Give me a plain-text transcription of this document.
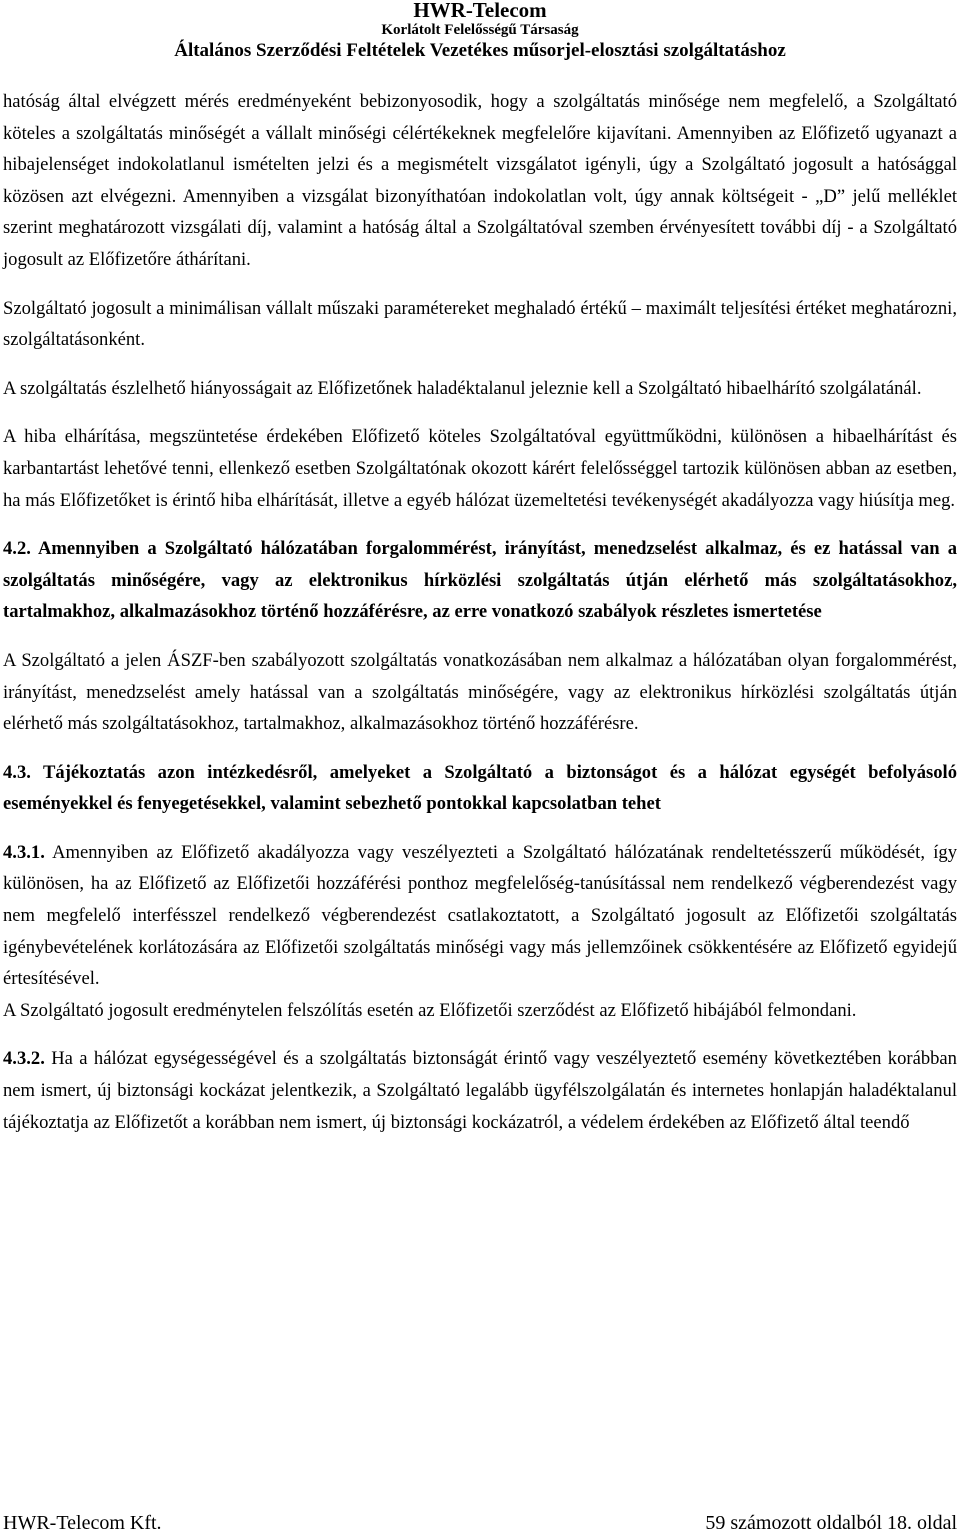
HWR-Telecom
Korlátolt Felelősségű Társaság
Általános Szerződési Feltételek Vezetékes műsorjel-elosztási szolgáltatáshoz

hatóság által elvégzett mérés eredményeként bebizonyosodik, hogy a szolgáltatás minősége nem megfelelő, a Szolgáltató köteles a szolgáltatás minőségét a vállalt minőségi célértékeknek megfelelőre kijavítani. Amennyiben az Előfizető ugyanazt a hibajelenséget indokolatlanul ismételten jelzi és a megismételt vizsgálatot igényli, úgy a Szolgáltató jogosult a hatósággal közösen azt elvégezni. Amennyiben a vizsgálat bizonyíthatóan indokolatlan volt, úgy annak költségeit - „D” jelű melléklet szerint meghatározott vizsgálati díj, valamint a hatóság által a Szolgáltatóval szemben érvényesített további díj - a Szolgáltató jogosult az Előfizetőre áthárítani.

Szolgáltató jogosult a minimálisan vállalt műszaki paramétereket meghaladó értékű – maximált teljesítési értéket meghatározni, szolgáltatásonként.

A szolgáltatás észlelhető hiányosságait az Előfizetőnek haladéktalanul jeleznie kell a Szolgáltató hibaelhárító szolgálatánál.

A hiba elhárítása, megszüntetése érdekében Előfizető köteles Szolgáltatóval együttműködni, különösen a hibaelhárítást és karbantartást lehetővé tenni, ellenkező esetben Szolgáltatónak okozott kárért felelősséggel tartozik különösen abban az esetben, ha más Előfizetőket is érintő hiba elhárítását, illetve a egyéb hálózat üzemeltetési tevékenységét akadályozza vagy hiúsítja meg.

4.2. Amennyiben a Szolgáltató hálózatában forgalommérést, irányítást, menedzselést alkalmaz, és ez hatással van a szolgáltatás minőségére, vagy az elektronikus hírközlési szolgáltatás útján elérhető más szolgáltatásokhoz, tartalmakhoz, alkalmazásokhoz történő hozzáférésre, az erre vonatkozó szabályok részletes ismertetése

A Szolgáltató a jelen ÁSZF-ben szabályozott szolgáltatás vonatkozásában nem alkalmaz a hálózatában olyan forgalommérést, irányítást, menedzselést amely hatással van a szolgáltatás minőségére, vagy az elektronikus hírközlési szolgáltatás útján elérhető más szolgáltatásokhoz, tartalmakhoz, alkalmazásokhoz történő hozzáférésre.

4.3. Tájékoztatás azon intézkedésről, amelyeket a Szolgáltató a biztonságot és a hálózat egységét befolyásoló eseményekkel és fenyegetésekkel, valamint sebezhető pontokkal kapcsolatban tehet

4.3.1. Amennyiben az Előfizető akadályozza vagy veszélyezteti a Szolgáltató hálózatának rendeltetésszerű működését, így különösen, ha az Előfizető az Előfizetői hozzáférési ponthoz megfelelőség-tanúsítással nem rendelkező végberendezést vagy nem megfelelő interfésszel rendelkező végberendezést csatlakoztatott, a Szolgáltató jogosult az Előfizetői szolgáltatás igénybevételének korlátozására az Előfizetői szolgáltatás minőségi vagy más jellemzőinek csökkentésére az Előfizető egyidejű értesítésével.

A Szolgáltató jogosult eredménytelen felszólítás esetén az Előfizetői szerződést az Előfizető hibájából felmondani.

4.3.2. Ha a hálózat egységességével és a szolgáltatás biztonságát érintő vagy veszélyeztető esemény következtében korábban nem ismert, új biztonsági kockázat jelentkezik, a Szolgáltató legalább ügyfélszolgálatán és internetes honlapján haladéktalanul tájékoztatja az Előfizetőt a korábban nem ismert, új biztonsági kockázatról, a védelem érdekében az Előfizető által teendő

HWR-Telecom Kft.	59 számozott oldalból 18. oldal
